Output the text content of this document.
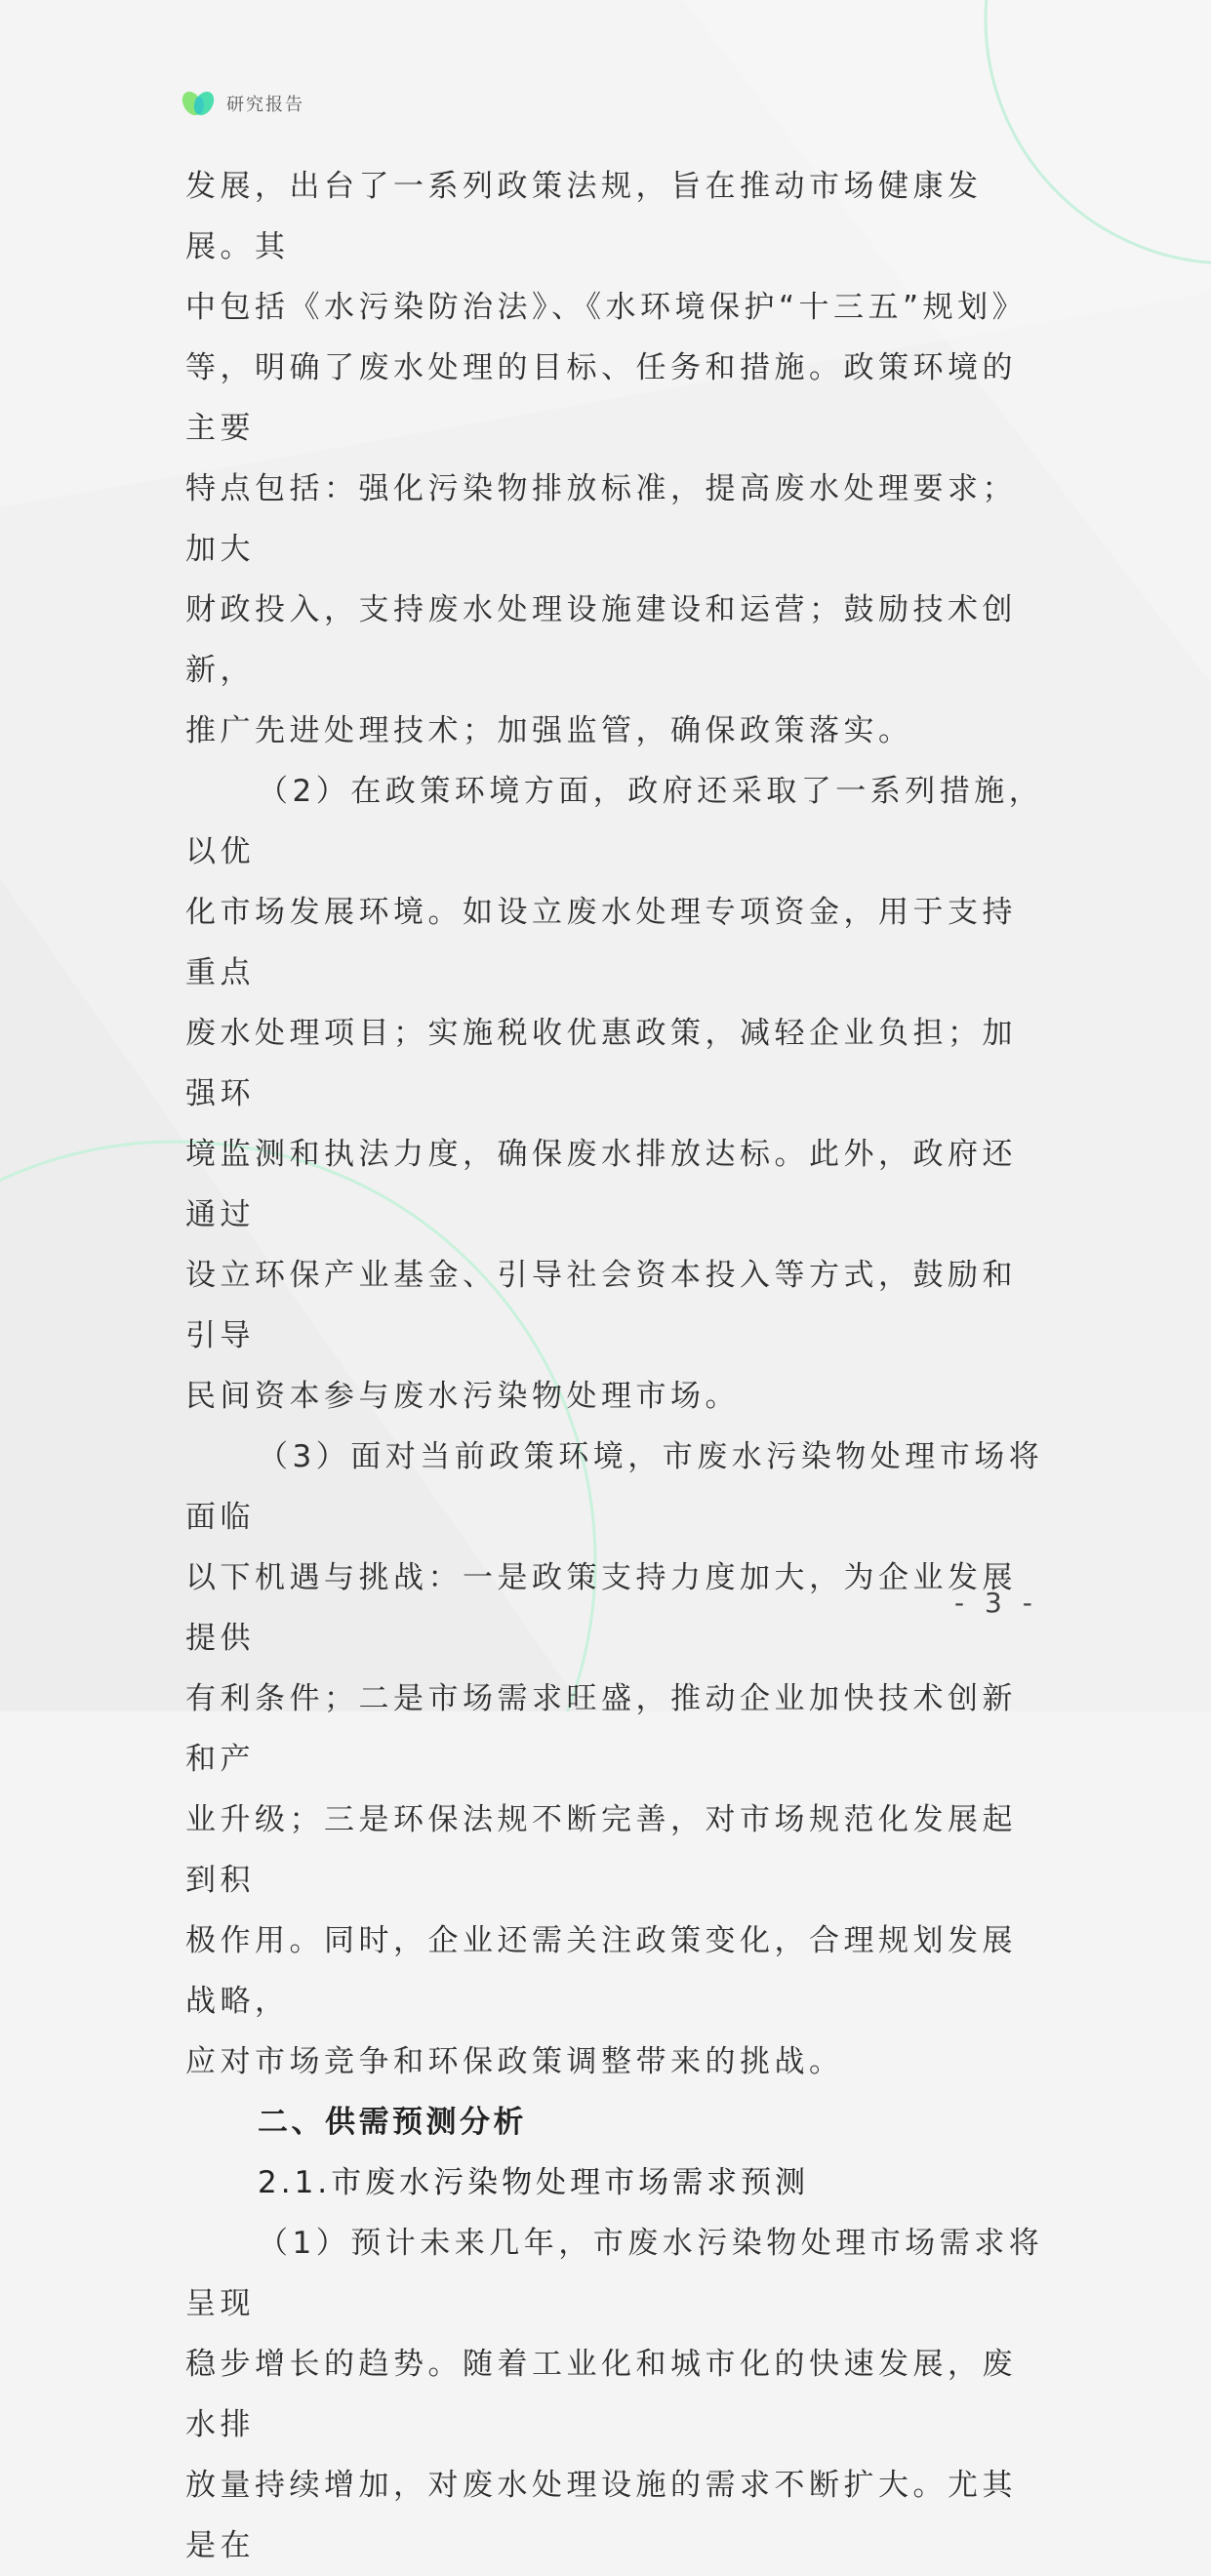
研究报告

发展，出台了一系列政策法规，旨在推动市场健康发展。其
中包括《水污染防治法》、《水环境保护“十三五”规划》
等，明确了废水处理的目标、任务和措施。政策环境的主要
特点包括：强化污染物排放标准，提高废水处理要求；加大
财政投入，支持废水处理设施建设和运营；鼓励技术创新，
推广先进处理技术；加强监管，确保政策落实。

（2）在政策环境方面，政府还采取了一系列措施，以优
化市场发展环境。如设立废水处理专项资金，用于支持重点
废水处理项目；实施税收优惠政策，减轻企业负担；加强环
境监测和执法力度，确保废水排放达标。此外，政府还通过
设立环保产业基金、引导社会资本投入等方式，鼓励和引导
民间资本参与废水污染物处理市场。

（3）面对当前政策环境，市废水污染物处理市场将面临
以下机遇与挑战：一是政策支持力度加大，为企业发展提供
有利条件；二是市场需求旺盛，推动企业加快技术创新和产
业升级；三是环保法规不断完善，对市场规范化发展起到积
极作用。同时，企业还需关注政策变化，合理规划发展战略，
应对市场竞争和环保政策调整带来的挑战。

二、供需预测分析
2.1.市废水污染物处理市场需求预测

（1）预计未来几年，市废水污染物处理市场需求将呈现
稳步增长的趋势。随着工业化和城市化的快速发展，废水排
放量持续增加，对废水处理设施的需求不断扩大。尤其是在

- 3 -
